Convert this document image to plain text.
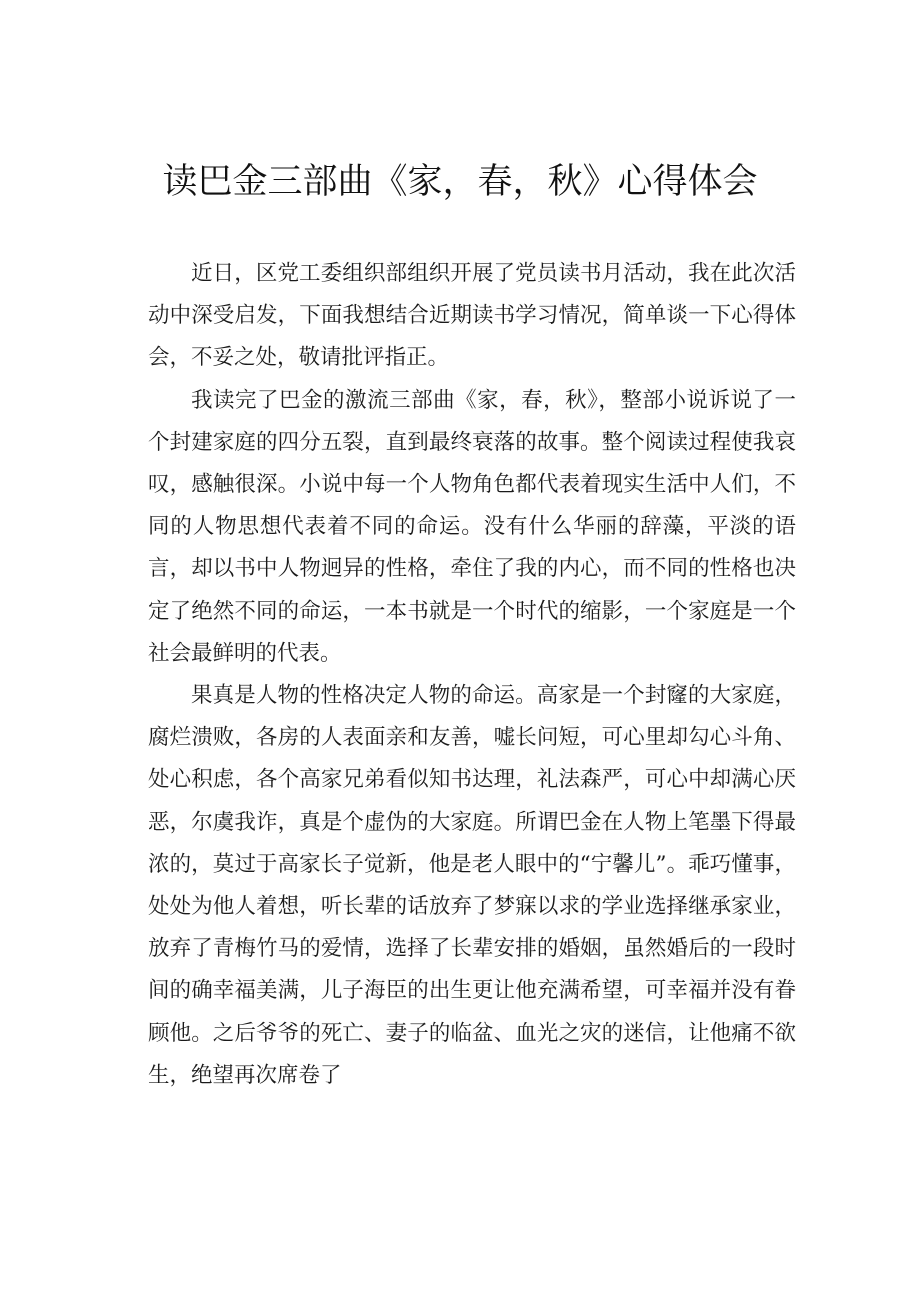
读巴金三部曲《家，春，秋》心得体会

近日，区党工委组织部组织开展了党员读书月活动，我在此次活动中深受启发，下面我想结合近期读书学习情况，简单谈一下心得体会，不妥之处，敬请批评指正。

我读完了巴金的激流三部曲《家，春，秋》，整部小说诉说了一个封建家庭的四分五裂，直到最终衰落的故事。整个阅读过程使我哀叹，感触很深。小说中每一个人物角色都代表着现实生活中人们，不同的人物思想代表着不同的命运。没有什么华丽的辞藻，平淡的语言，却以书中人物迥异的性格，牵住了我的内心，而不同的性格也决定了绝然不同的命运，一本书就是一个时代的缩影，一个家庭是一个社会最鲜明的代表。

果真是人物的性格决定人物的命运。高家是一个封窿的大家庭，腐烂溃败，各房的人表面亲和友善，嘘长问短，可心里却勾心斗角、处心积虑，各个高家兄弟看似知书达理，礼法森严，可心中却满心厌恶，尔虞我诈，真是个虚伪的大家庭。所谓巴金在人物上笔墨下得最浓的，莫过于高家长子觉新，他是老人眼中的“宁馨儿”。乖巧懂事，处处为他人着想，听长辈的话放弃了梦寐以求的学业选择继承家业，放弃了青梅竹马的爱情，选择了长辈安排的婚姻，虽然婚后的一段时间的确幸福美满，儿子海臣的出生更让他充满希望，可幸福并没有眷顾他。之后爷爷的死亡、妻子的临盆、血光之灾的迷信，让他痛不欲生，绝望再次席卷了
